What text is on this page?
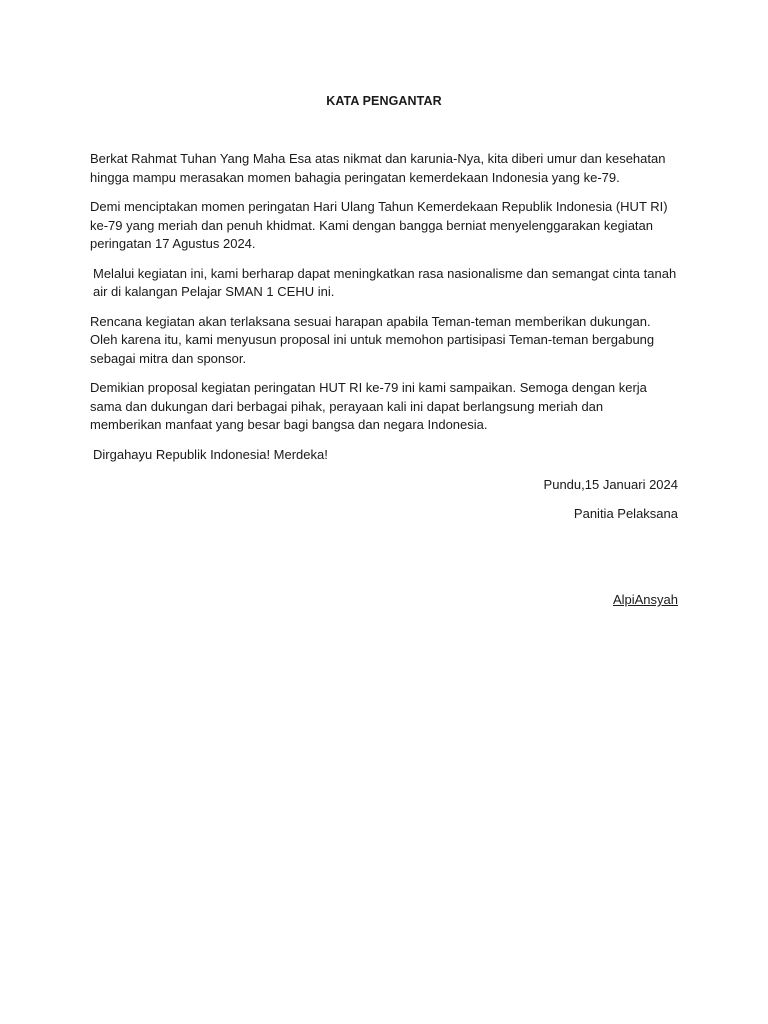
KATA PENGANTAR

Berkat Rahmat Tuhan Yang Maha Esa atas nikmat dan karunia-Nya, kita diberi umur dan kesehatan hingga mampu merasakan momen bahagia peringatan kemerdekaan Indonesia yang ke-79.

Demi menciptakan momen peringatan Hari Ulang Tahun Kemerdekaan Republik Indonesia (HUT RI) ke-79 yang meriah dan penuh khidmat. Kami dengan bangga berniat menyelenggarakan kegiatan peringatan 17 Agustus 2024.

Melalui kegiatan ini, kami berharap dapat meningkatkan rasa nasionalisme dan semangat cinta tanah air di kalangan Pelajar SMAN 1 CEHU ini.

Rencana kegiatan akan terlaksana sesuai harapan apabila Teman-teman memberikan dukungan. Oleh karena itu, kami menyusun proposal ini untuk memohon partisipasi Teman-teman bergabung sebagai mitra dan sponsor.

Demikian proposal kegiatan peringatan HUT RI ke-79 ini kami sampaikan. Semoga dengan kerja sama dan dukungan dari berbagai pihak, perayaan kali ini dapat berlangsung meriah dan memberikan manfaat yang besar bagi bangsa dan negara Indonesia.

Dirgahayu Republik Indonesia! Merdeka!

Pundu,15 Januari 2024
Panitia Pelaksana
AlpiAnsyah
